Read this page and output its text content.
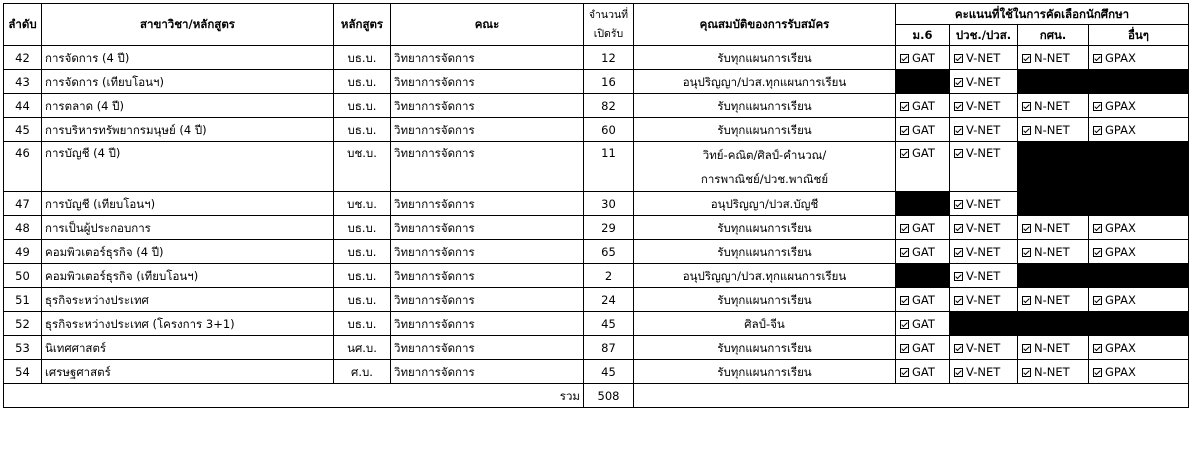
ลำดับ	สาขาวิชา/หลักสูตร	หลักสูตร	คณะ	จำนวนที่
เปิดรับ	คุณสมบัติของการรับสมัคร	คะแนนที่ใช้ในการคัดเลือกนักศึกษา			
						ม.6	ปวช./ปวส.	กศน.	อื่นๆ
42	การจัดการ (4 ปี)	บธ.บ.	วิทยาการจัดการ	12	รับทุกแผนการเรียน	GAT	V-NET	N-NET	GPAX
43	การจัดการ (เทียบโอนฯ)	บธ.บ.	วิทยาการจัดการ	16	อนุปริญญา/ปวส.ทุกแผนการเรียน		V-NET		
44	การตลาด (4 ปี)	บธ.บ.	วิทยาการจัดการ	82	รับทุกแผนการเรียน	GAT	V-NET	N-NET	GPAX
45	การบริหารทรัพยากรมนุษย์ (4 ปี)	บธ.บ.	วิทยาการจัดการ	60	รับทุกแผนการเรียน	GAT	V-NET	N-NET	GPAX
46	การบัญชี (4 ปี)	บช.บ.	วิทยาการจัดการ	11	วิทย์-คณิต/ศิลป์-คำนวณ/
การพาณิชย์/ปวช.พาณิชย์	GAT	V-NET		
47	การบัญชี (เทียบโอนฯ)	บช.บ.	วิทยาการจัดการ	30	อนุปริญญา/ปวส.บัญชี		V-NET		
48	การเป็นผู้ประกอบการ	บธ.บ.	วิทยาการจัดการ	29	รับทุกแผนการเรียน	GAT	V-NET	N-NET	GPAX
49	คอมพิวเตอร์ธุรกิจ (4 ปี)	บธ.บ.	วิทยาการจัดการ	65	รับทุกแผนการเรียน	GAT	V-NET	N-NET	GPAX
50	คอมพิวเตอร์ธุรกิจ (เทียบโอนฯ)	บธ.บ.	วิทยาการจัดการ	2	อนุปริญญา/ปวส.ทุกแผนการเรียน		V-NET		
51	ธุรกิจระหว่างประเทศ	บธ.บ.	วิทยาการจัดการ	24	รับทุกแผนการเรียน	GAT	V-NET	N-NET	GPAX
52	ธุรกิจระหว่างประเทศ (โครงการ 3+1)	บธ.บ.	วิทยาการจัดการ	45	ศิลป์-จีน	GAT			
53	นิเทศศาสตร์	นศ.บ.	วิทยาการจัดการ	87	รับทุกแผนการเรียน	GAT	V-NET	N-NET	GPAX
54	เศรษฐศาสตร์	ศ.บ.	วิทยาการจัดการ	45	รับทุกแผนการเรียน	GAT	V-NET	N-NET	GPAX
รวม				508					
